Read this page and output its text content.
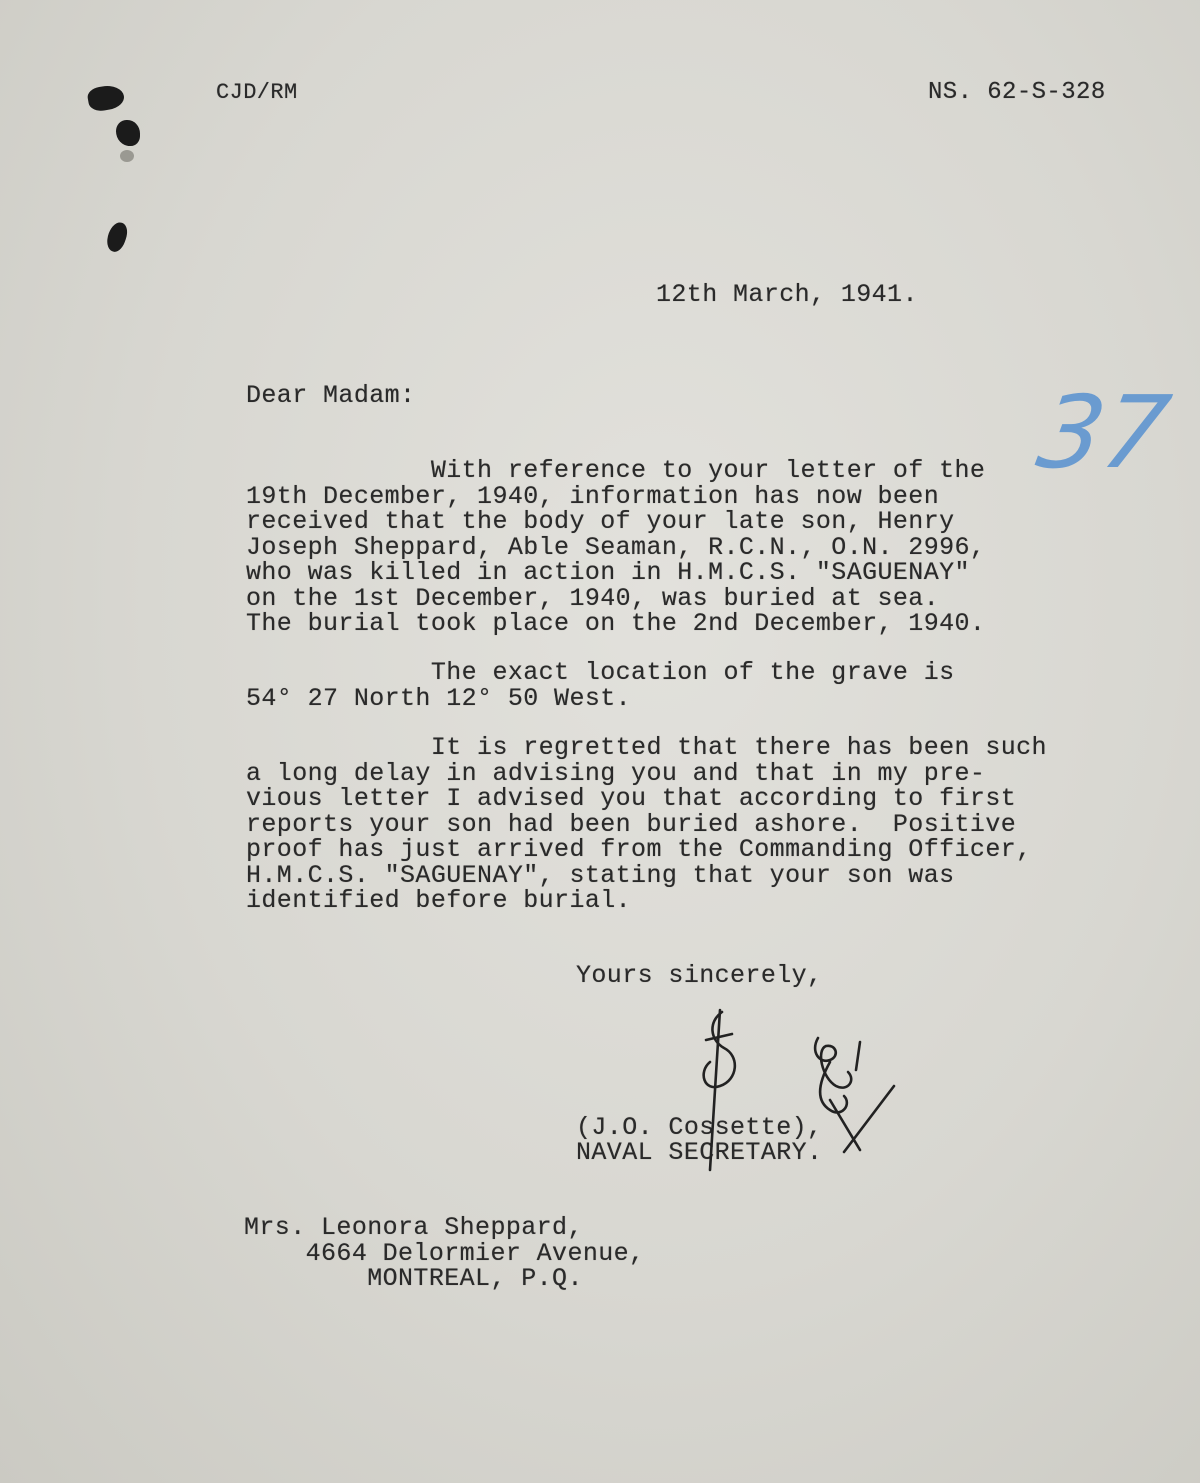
CJD/RM	NS. 62-S-328

37

12th March, 1941.

Dear Madam:

With reference to your letter of the

19th December, 1940, information has now been

received that the body of your late son, Henry

Joseph Sheppard, Able Seaman, R.C.N., O.N. 2996,

who was killed in action in H.M.C.S. "SAGUENAY"

on the 1st December, 1940, was buried at sea.

The burial took place on the 2nd December, 1940.

The exact location of the grave is

54° 27 North 12° 50 West.

It is regretted that there has been such

a long delay in advising you and that in my pre-

vious letter I advised you that according to first

reports your son had been buried ashore.  Positive

proof has just arrived from the Commanding Officer,

H.M.C.S. "SAGUENAY", stating that your son was

identified before burial.

Yours sincerely,

(J.O. Cossette),

NAVAL SECRETARY.

Mrs. Leonora Sheppard,

4664 Delormier Avenue,

MONTREAL, P.Q.
